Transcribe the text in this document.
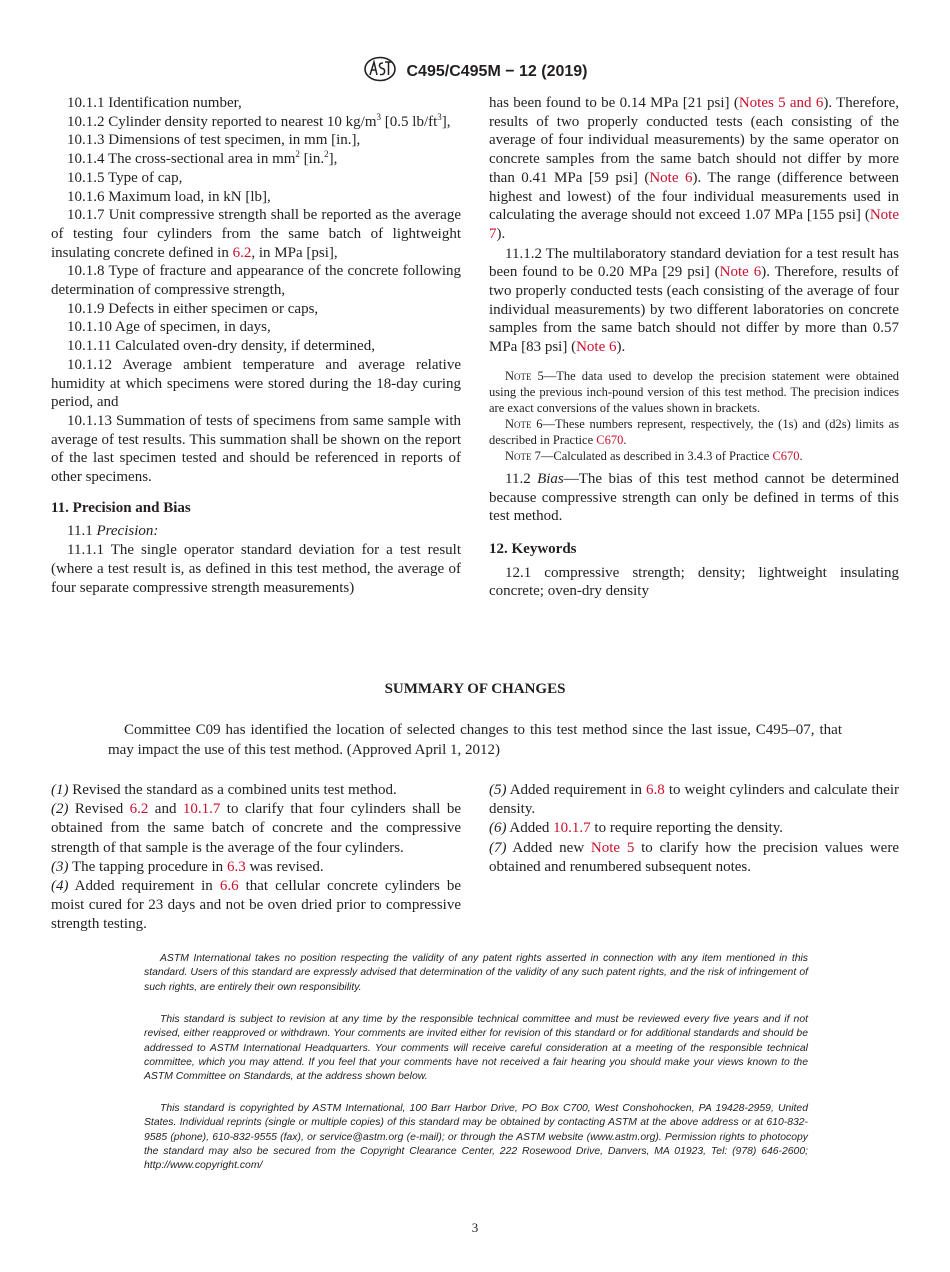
C495/C495M − 12 (2019)

10.1.1 Identification number,

10.1.2 Cylinder density reported to nearest 10 $kg/m^3$ [0.5 $lb/ft^3$],

10.1.3 Dimensions of test specimen, in mm [in.],

10.1.4 The cross-sectional area in $mm^2$ [in.$^2$],

10.1.5 Type of cap,

10.1.6 Maximum load, in kN [lb],

10.1.7 Unit compressive strength shall be reported as the average of testing four cylinders from the same batch of lightweight insulating concrete defined in 6.2, in MPa [psi],

10.1.8 Type of fracture and appearance of the concrete following determination of compressive strength,

10.1.9 Defects in either specimen or caps,

10.1.10 Age of specimen, in days,

10.1.11 Calculated oven-dry density, if determined,

10.1.12 Average ambient temperature and average relative humidity at which specimens were stored during the 18-day curing period, and

10.1.13 Summation of tests of specimens from same sample with average of test results. This summation shall be shown on the report of the last specimen tested and should be referenced in reports of other specimens.

11. Precision and Bias

11.1 Precision:

11.1.1 The single operator standard deviation for a test result (where a test result is, as defined in this test method, the average of four separate compressive strength measurements)

has been found to be 0.14 MPa [21 psi] (Notes 5 and 6). Therefore, results of two properly conducted tests (each consisting of the average of four individual measurements) by the same operator on concrete samples from the same batch should not differ by more than 0.41 MPa [59 psi] (Note 6). The range (difference between highest and lowest) of the four individual measurements used in calculating the average should not exceed 1.07 MPa [155 psi] (Note 7).

11.1.2 The multilaboratory standard deviation for a test result has been found to be 0.20 MPa [29 psi] (Note 6). Therefore, results of two properly conducted tests (each consisting of the average of four individual measurements) by two different laboratories on concrete samples from the same batch should not differ by more than 0.57 MPa [83 psi] (Note 6).

Note 5—The data used to develop the precision statement were obtained using the previous inch-pound version of this test method. The precision indices are exact conversions of the values shown in brackets.

Note 6—These numbers represent, respectively, the (1s) and (d2s) limits as described in Practice C670.

Note 7—Calculated as described in 3.4.3 of Practice C670.

11.2 Bias—The bias of this test method cannot be determined because compressive strength can only be defined in terms of this test method.

12. Keywords

12.1 compressive strength; density; lightweight insulating concrete; oven-dry density

SUMMARY OF CHANGES

Committee C09 has identified the location of selected changes to this test method since the last issue, C495–07, that may impact the use of this test method. (Approved April 1, 2012)

(1) Revised the standard as a combined units test method.

(2) Revised 6.2 and 10.1.7 to clarify that four cylinders shall be obtained from the same batch of concrete and the compressive strength of that sample is the average of the four cylinders.

(3) The tapping procedure in 6.3 was revised.

(4) Added requirement in 6.6 that cellular concrete cylinders be moist cured for 23 days and not be oven dried prior to compressive strength testing.

(5) Added requirement in 6.8 to weight cylinders and calculate their density.

(6) Added 10.1.7 to require reporting the density.

(7) Added new Note 5 to clarify how the precision values were obtained and renumbered subsequent notes.

ASTM International takes no position respecting the validity of any patent rights asserted in connection with any item mentioned in this standard. Users of this standard are expressly advised that determination of the validity of any such patent rights, and the risk of infringement of such rights, are entirely their own responsibility.

This standard is subject to revision at any time by the responsible technical committee and must be reviewed every five years and if not revised, either reapproved or withdrawn. Your comments are invited either for revision of this standard or for additional standards and should be addressed to ASTM International Headquarters. Your comments will receive careful consideration at a meeting of the responsible technical committee, which you may attend. If you feel that your comments have not received a fair hearing you should make your views known to the ASTM Committee on Standards, at the address shown below.

This standard is copyrighted by ASTM International, 100 Barr Harbor Drive, PO Box C700, West Conshohocken, PA 19428-2959, United States. Individual reprints (single or multiple copies) of this standard may be obtained by contacting ASTM at the above address or at 610-832-9585 (phone), 610-832-9555 (fax), or service@astm.org (e-mail); or through the ASTM website (www.astm.org). Permission rights to photocopy the standard may also be secured from the Copyright Clearance Center, 222 Rosewood Drive, Danvers, MA 01923, Tel: (978) 646-2600; http://www.copyright.com/

3
